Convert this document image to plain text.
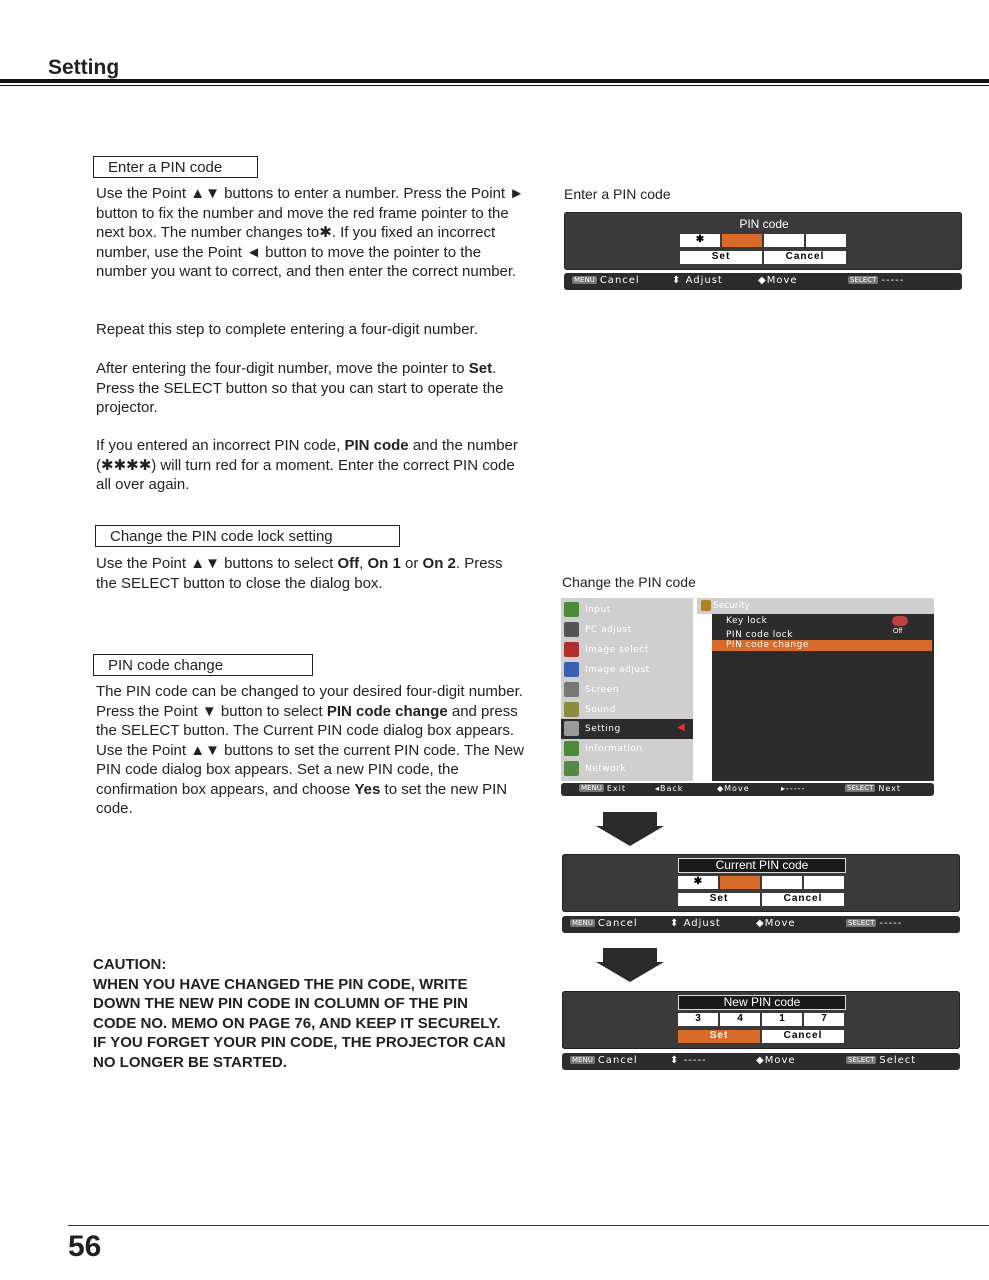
Setting
Enter a PIN code
Use the Point ▲▼ buttons to enter a number. Press the Point ► button to fix the number and move the red frame pointer to the next box. The number changes to✱. If you fixed an incorrect number, use the Point ◄ button to move the pointer to the number you want to correct, and then enter the correct number.
Repeat this step to complete entering a four-digit number.
After entering the four-digit number, move the pointer to Set. Press the SELECT button so that you can start to operate the projector.
If you entered an incorrect PIN code, PIN code and the number (✱✱✱✱) will turn red for a moment. Enter the correct PIN code all over again.
Change the PIN code lock setting
Use the Point ▲▼ buttons to select Off, On 1 or On 2. Press the SELECT button to close the dialog box.
PIN code change
The PIN code can be changed to your desired four-digit number.
Press the Point ▼ button to select PIN code change and press the SELECT button. The Current PIN code dialog box appears.
Use the Point ▲▼ buttons to set the current PIN code. The New PIN code dialog box appears. Set a new PIN code, the confirmation box appears, and choose Yes to set the new PIN code.
CAUTION:
WHEN YOU HAVE CHANGED THE PIN CODE, WRITE DOWN THE NEW PIN CODE IN COLUMN OF THE PIN CODE NO. MEMO ON PAGE 76, AND KEEP IT SECURELY. IF YOU FORGET YOUR PIN CODE, THE PROJECTOR CAN NO LONGER BE STARTED.
Enter a PIN code
PIN code
✱
Set	Cancel
MENU Cancel	⬍ Adjust	◆Move	SELECT -----
Change the PIN code
Input
PC adjust
Image select
Image adjust
Screen
Sound
Setting	◀
Information
Network
Security
Key lock
PIN code lock	Off
PIN code change
MENU Exit	◂Back	◆Move	▸-----	SELECT Next
Current PIN code
✱
Set	Cancel
MENU Cancel	⬍ Adjust	◆Move	SELECT -----
New PIN code
3	4	1	7
Set	Cancel
MENU Cancel	⬍ -----	◆Move	SELECT Select
56
